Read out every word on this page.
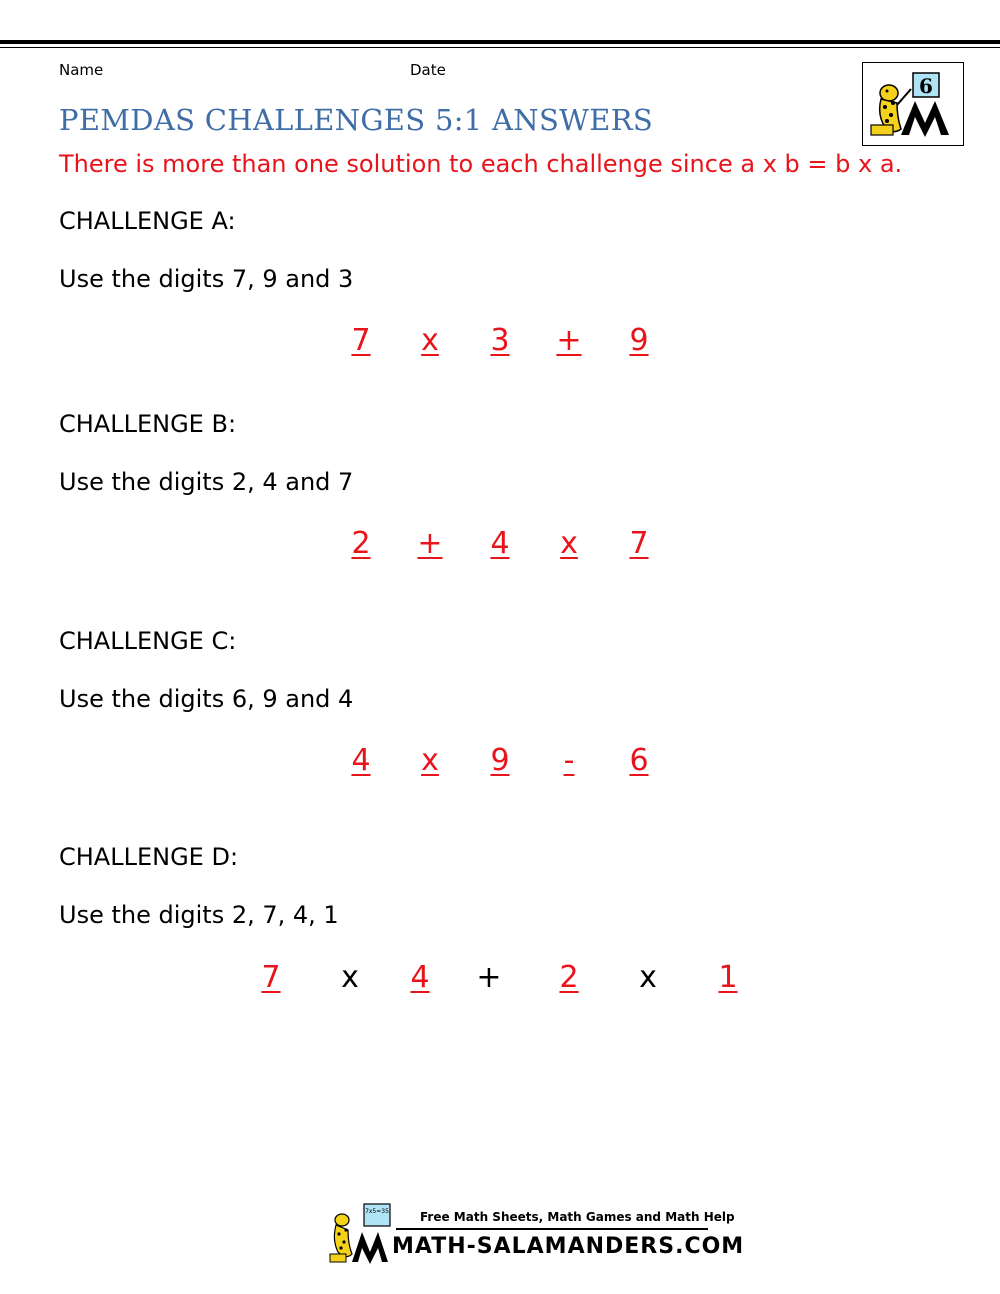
Name	Date
6
PEMDAS CHALLENGES 5:1 ANSWERS
There is more than one solution to each challenge since a x b = b x a.
CHALLENGE A:
Use the digits 7, 9 and 3
7	x	3	+	9
CHALLENGE B:
Use the digits 2, 4 and 7
2	+	4	x	7
CHALLENGE C:
Use the digits 6, 9 and 4
4	x	9	-	6
CHALLENGE D:
Use the digits 2, 7, 4, 1
7	x	4	+	2	x	1
7x5=35	Free Math Sheets, Math Games and Math Help
MATH-SALAMANDERS.COM
